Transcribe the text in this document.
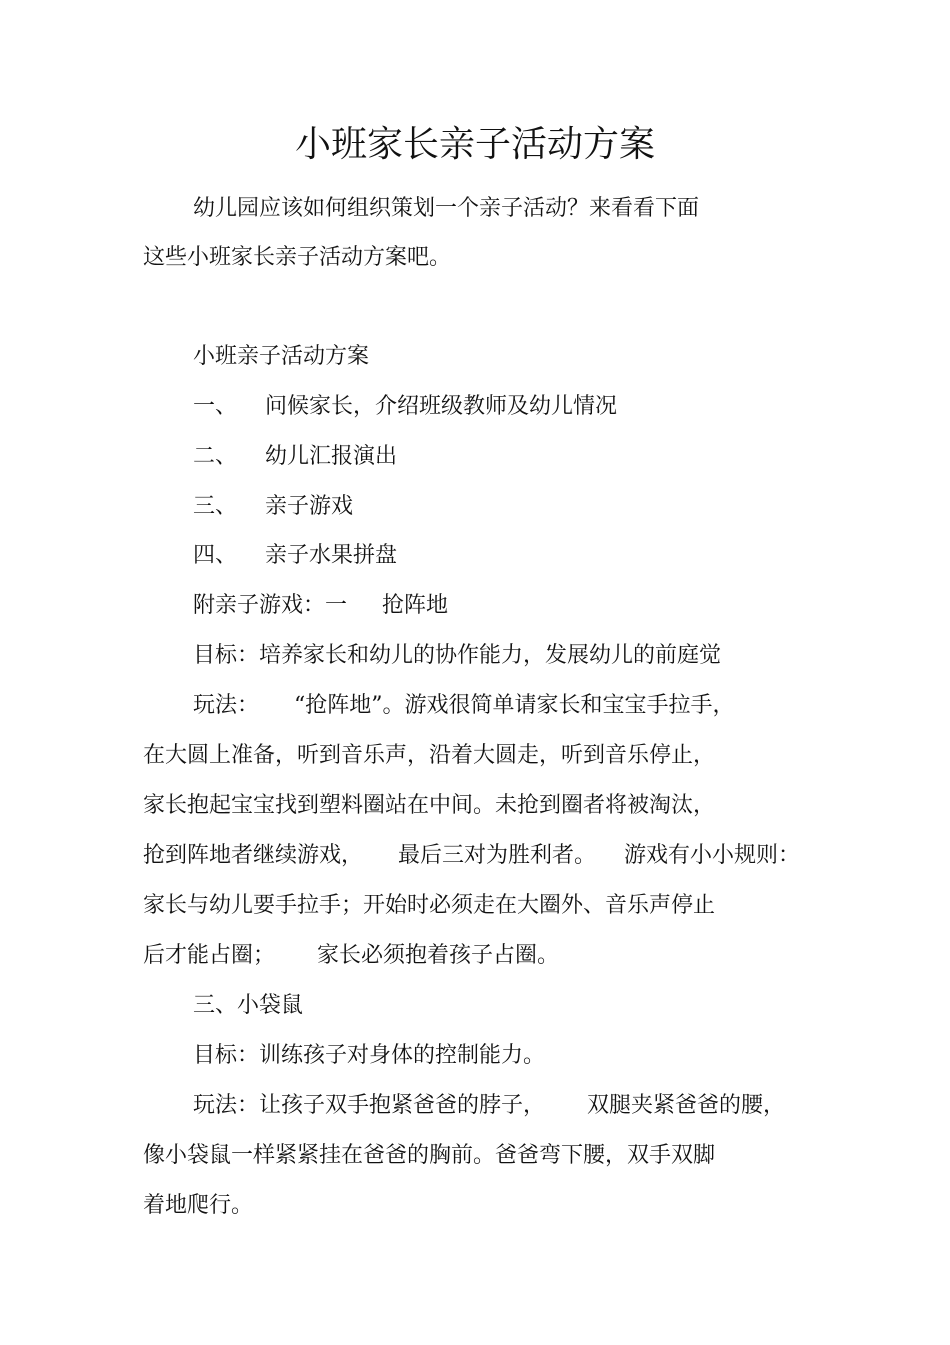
小班家长亲子活动方案
幼儿园应该如何组织策划一个亲子活动？来看看下面
这些小班家长亲子活动方案吧。
小班亲子活动方案
一、    问候家长，介绍班级教师及幼儿情况
二、    幼儿汇报演出
三、    亲子游戏
四、    亲子水果拼盘
附亲子游戏：一     抢阵地
目标：培养家长和幼儿的协作能力，发展幼儿的前庭觉
玩法：     “抢阵地”。游戏很简单请家长和宝宝手拉手，
在大圆上准备，听到音乐声，沿着大圆走，听到音乐停止，
家长抱起宝宝找到塑料圈站在中间。未抢到圈者将被淘汰，
抢到阵地者继续游戏，     最后三对为胜利者。    游戏有小小规则：
家长与幼儿要手拉手；开始时必须走在大圈外、音乐声停止
后才能占圈；      家长必须抱着孩子占圈。
三、小袋鼠
目标：训练孩子对身体的控制能力。
玩法：让孩子双手抱紧爸爸的脖子，      双腿夹紧爸爸的腰，
像小袋鼠一样紧紧挂在爸爸的胸前。爸爸弯下腰，双手双脚
着地爬行。
